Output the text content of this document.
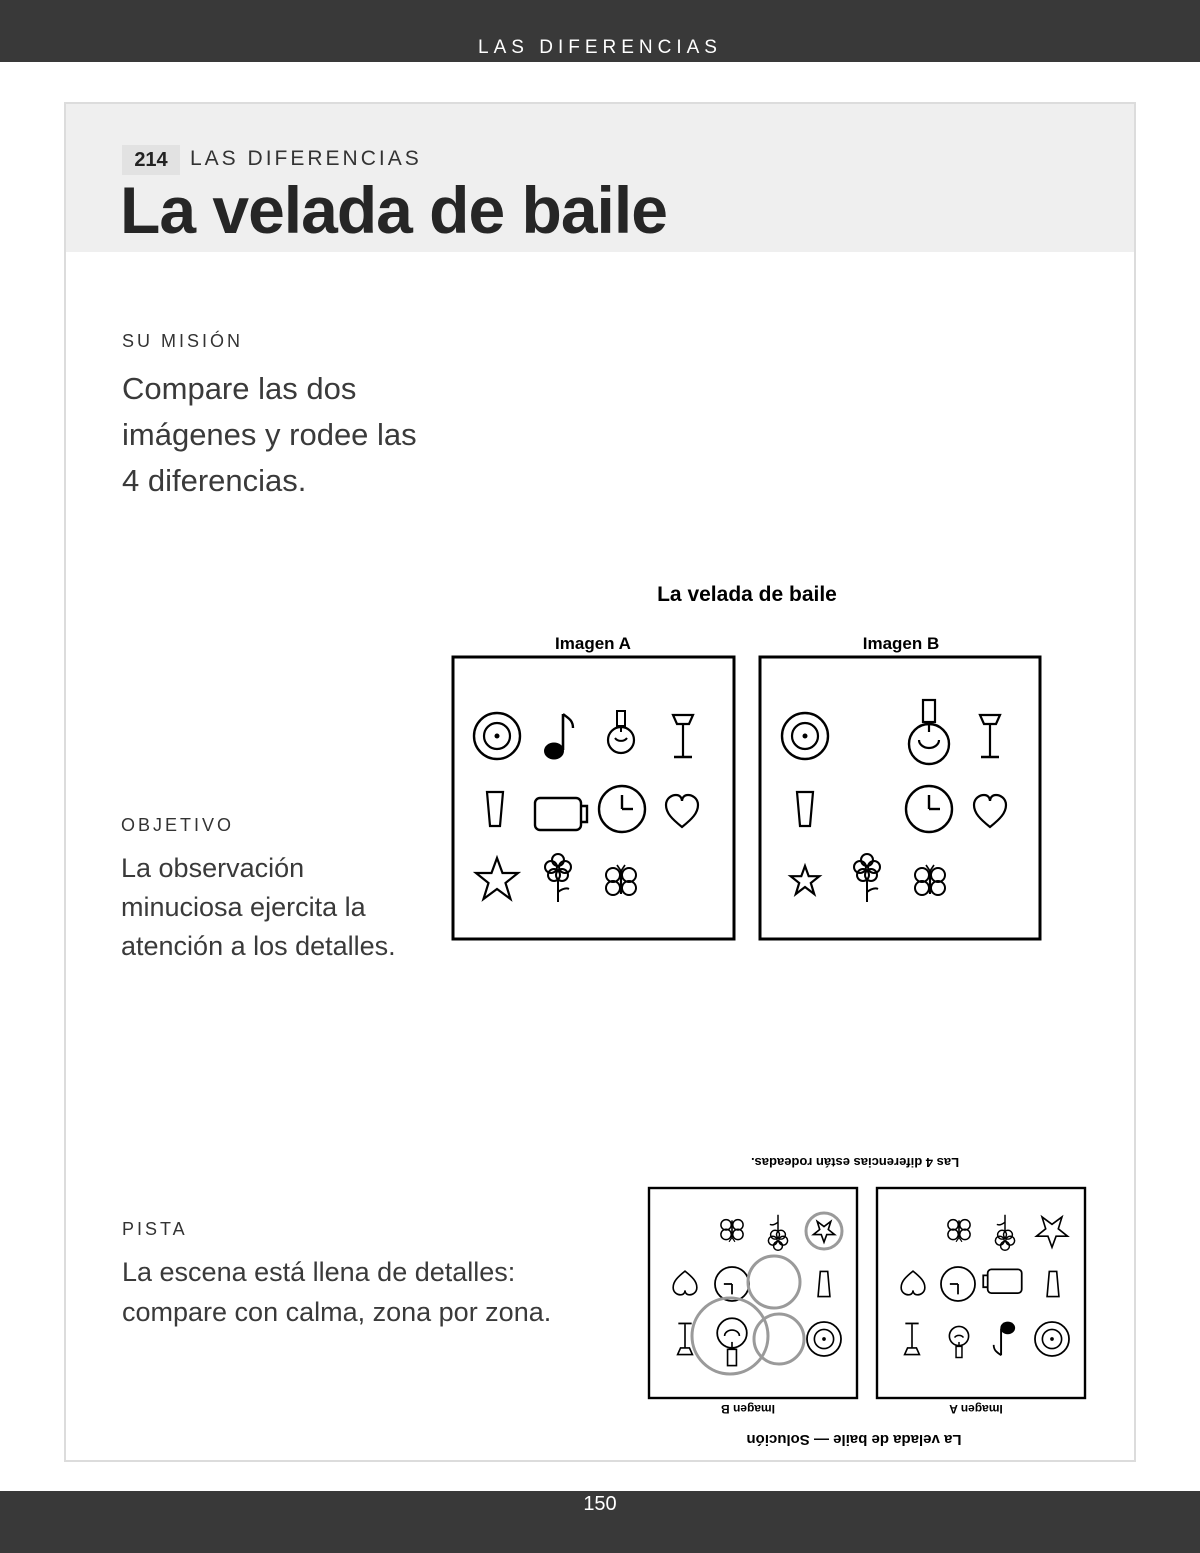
LAS DIFERENCIAS
214	LAS DIFERENCIAS
La velada de baile
SU MISIÓN
Compare las dos imágenes y rodee las 4 diferencias.
OBJETIVO
La observación minuciosa ejercita la atención a los detalles.
PISTA
La escena está llena de detalles: compare con calma, zona por zona.
La velada de baile
Imagen A	Imagen B
La velada de baile — Solución
Imagen A
Imagen B
Las 4 diferencias están rodeadas.
150
